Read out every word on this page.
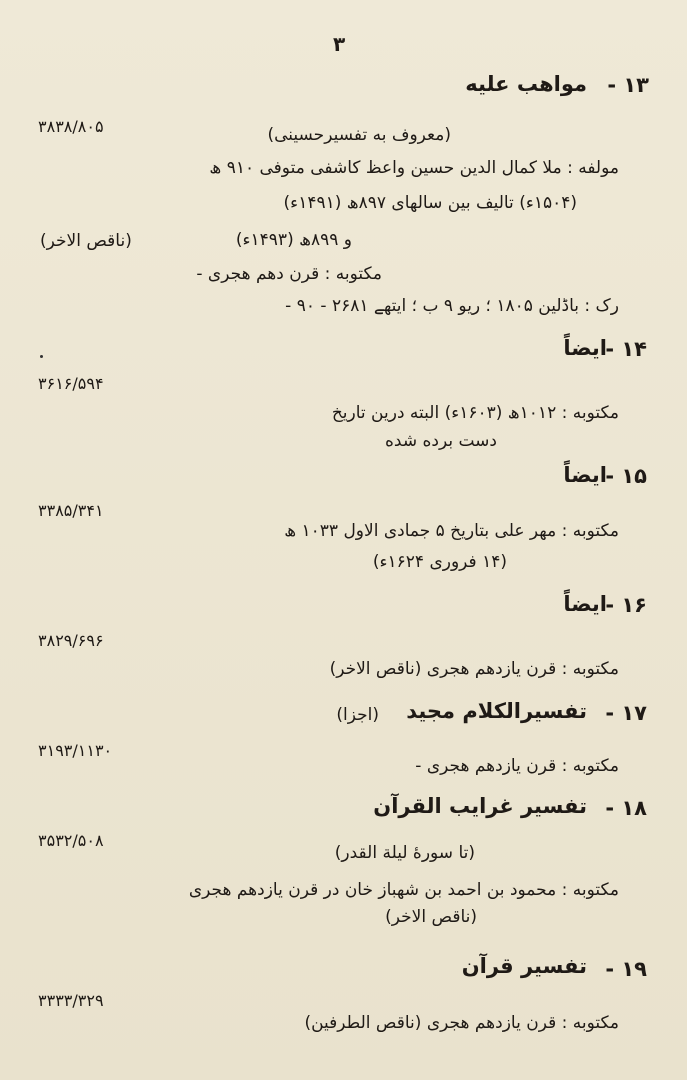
۳
۱۳ -
مواهب علیه
۳۸۳۸/۸۰۵	(معروف به تفسیرحسینی)
مولفه : ملا کمال الدین حسین واعظ کاشفی متوفی ۹۱۰ ھ
(۱۵۰۴ء) تالیف بین سالهای ۸۹۷ھ (۱۴۹۱ء)
و ۸۹۹ھ (۱۴۹۳ء)
(ناقص الاخر)
مکتوبه : قرن دهم هجری -
رک : باڈلین ۱۸۰۵ ؛ ریو ۹ ب ؛ ایتهے ۲۶۸۱ - ۹۰ -
۱۴ -
ایضاً
۳۶۱۶/۵۹۴
مکتوبه : ۱۰۱۲ھ (۱۶۰۳ء) البته درین تاریخ
دست برده شده
۱۵ -
ایضاً
۳۳۸۵/۳۴۱
مکتوبه : مهر علی بتاریخ ۵ جمادی الاول ۱۰۳۳ ھ
(۱۴ فروری ۱۶۲۴ء)
۱۶ -
ایضاً
۳۸۲۹/۶۹۶
مکتوبه : قرن یازدهم هجری (ناقص الاخر)
۱۷ -
تفسیرالکلام مجید
(اجزا)
۳۱۹۳/۱۱۳۰
مکتوبه : قرن یازدهم هجری -
۱۸ -
تفسیر غرایب القرآن
۳۵۳۲/۵۰۸
(تا سورهٔ لیلة القدر)
مکتوبه : محمود بن احمد بن شهباز خان در قرن یازدهم هجری
(ناقص الاخر)
۱۹ -
تفسیر قرآن
۳۳۳۳/۳۲۹
مکتوبه : قرن یازدهم هجری (ناقص الطرفین)
